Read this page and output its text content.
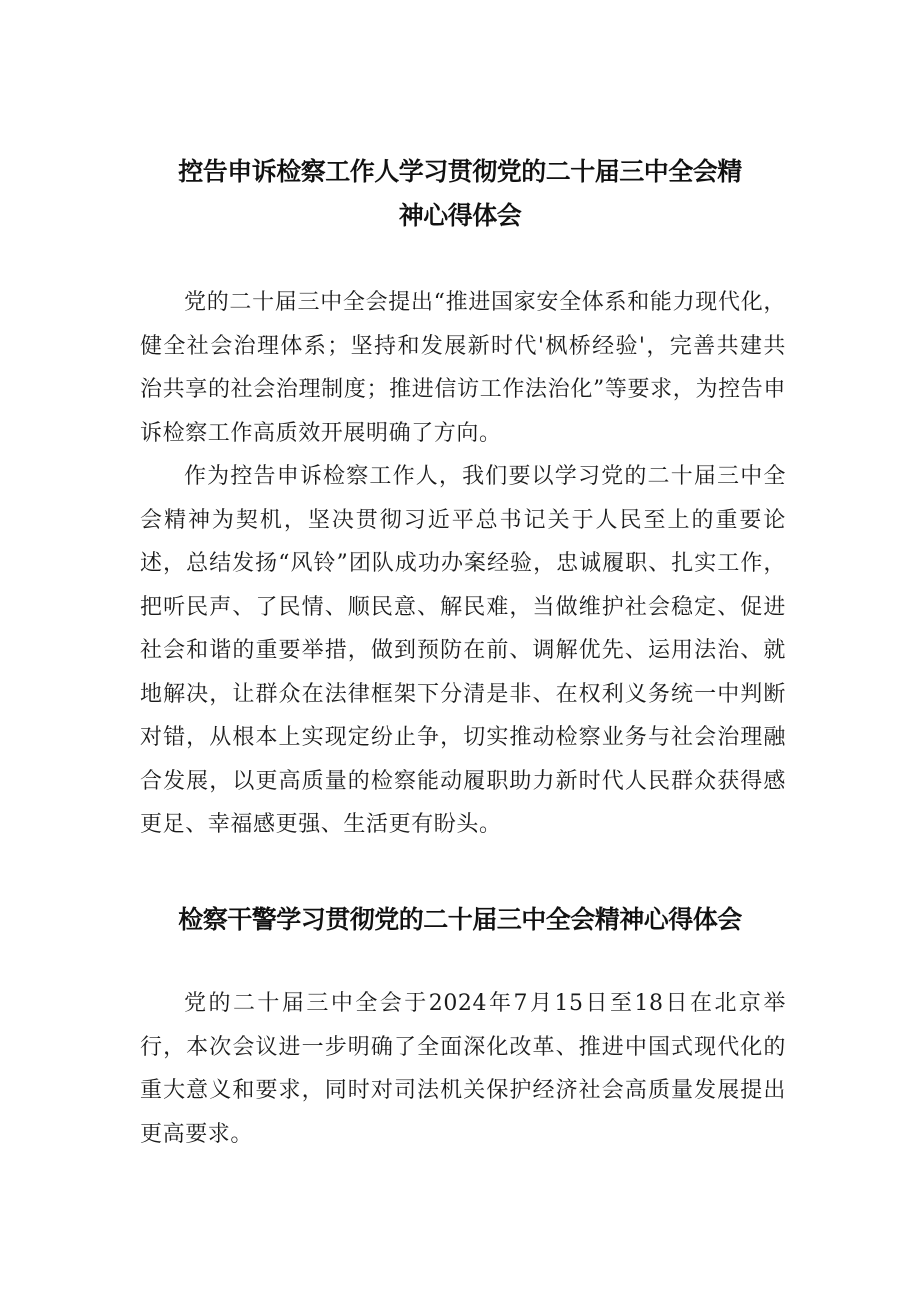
控告申诉检察工作人学习贯彻党的二十届三中全会精
神心得体会

党的二十届三中全会提出“推进国家安全体系和能力现代化，健全社会治理体系；坚持和发展新时代'枫桥经验'，完善共建共治共享的社会治理制度；推进信访工作法治化”等要求，为控告申诉检察工作高质效开展明确了方向。

作为控告申诉检察工作人，我们要以学习党的二十届三中全会精神为契机，坚决贯彻习近平总书记关于人民至上的重要论述，总结发扬“风铃”团队成功办案经验，忠诚履职、扎实工作，把听民声、了民情、顺民意、解民难，当做维护社会稳定、促进社会和谐的重要举措，做到预防在前、调解优先、运用法治、就地解决，让群众在法律框架下分清是非、在权利义务统一中判断对错，从根本上实现定纷止争，切实推动检察业务与社会治理融合发展，以更高质量的检察能动履职助力新时代人民群众获得感更足、幸福感更强、生活更有盼头。

检察干警学习贯彻党的二十届三中全会精神心得体会

党的二十届三中全会于2024年7月15日至18日在北京举行，本次会议进一步明确了全面深化改革、推进中国式现代化的重大意义和要求，同时对司法机关保护经济社会高质量发展提出更高要求。
